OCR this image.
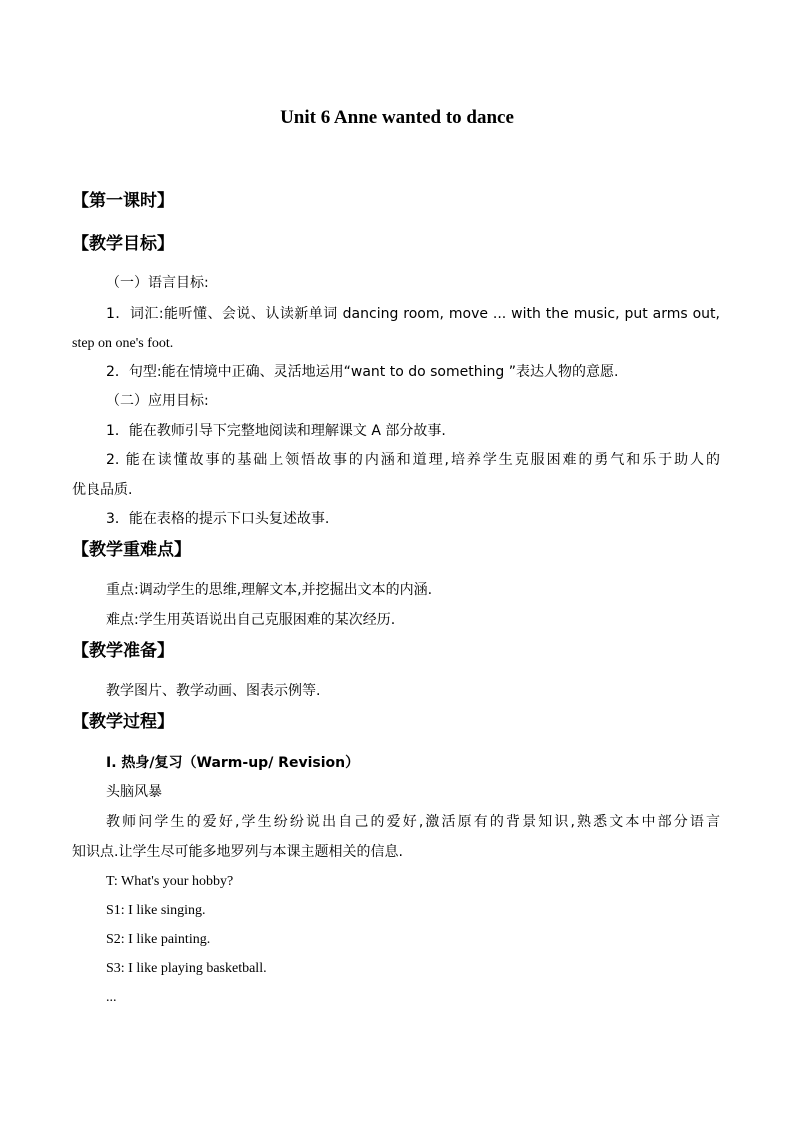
Unit 6 Anne wanted to dance
【第一课时】
【教学目标】
（一）语言目标:
1．词汇:能听懂、会说、认读新单词 dancing room, move ... with the music, put arms out,
step on one's foot.
2．句型:能在情境中正确、灵活地运用“want to do something ”表达人物的意愿.
（二）应用目标:
1．能在教师引导下完整地阅读和理解课文 A 部分故事.
2. 能在读懂故事的基础上领悟故事的内涵和道理,培养学生克服困难的勇气和乐于助人的
优良品质.
3．能在表格的提示下口头复述故事.
【教学重难点】
重点:调动学生的思维,理解文本,并挖掘出文本的内涵.
难点:学生用英语说出自己克服困难的某次经历.
【教学准备】
教学图片、教学动画、图表示例等.
【教学过程】
I. 热身/复习（Warm-up/ Revision）
头脑风暴
教师问学生的爱好,学生纷纷说出自己的爱好,激活原有的背景知识,熟悉文本中部分语言
知识点.让学生尽可能多地罗列与本课主题相关的信息.
T: What's your hobby?
S1: I like singing.
S2: I like painting.
S3: I like playing basketball.
...
